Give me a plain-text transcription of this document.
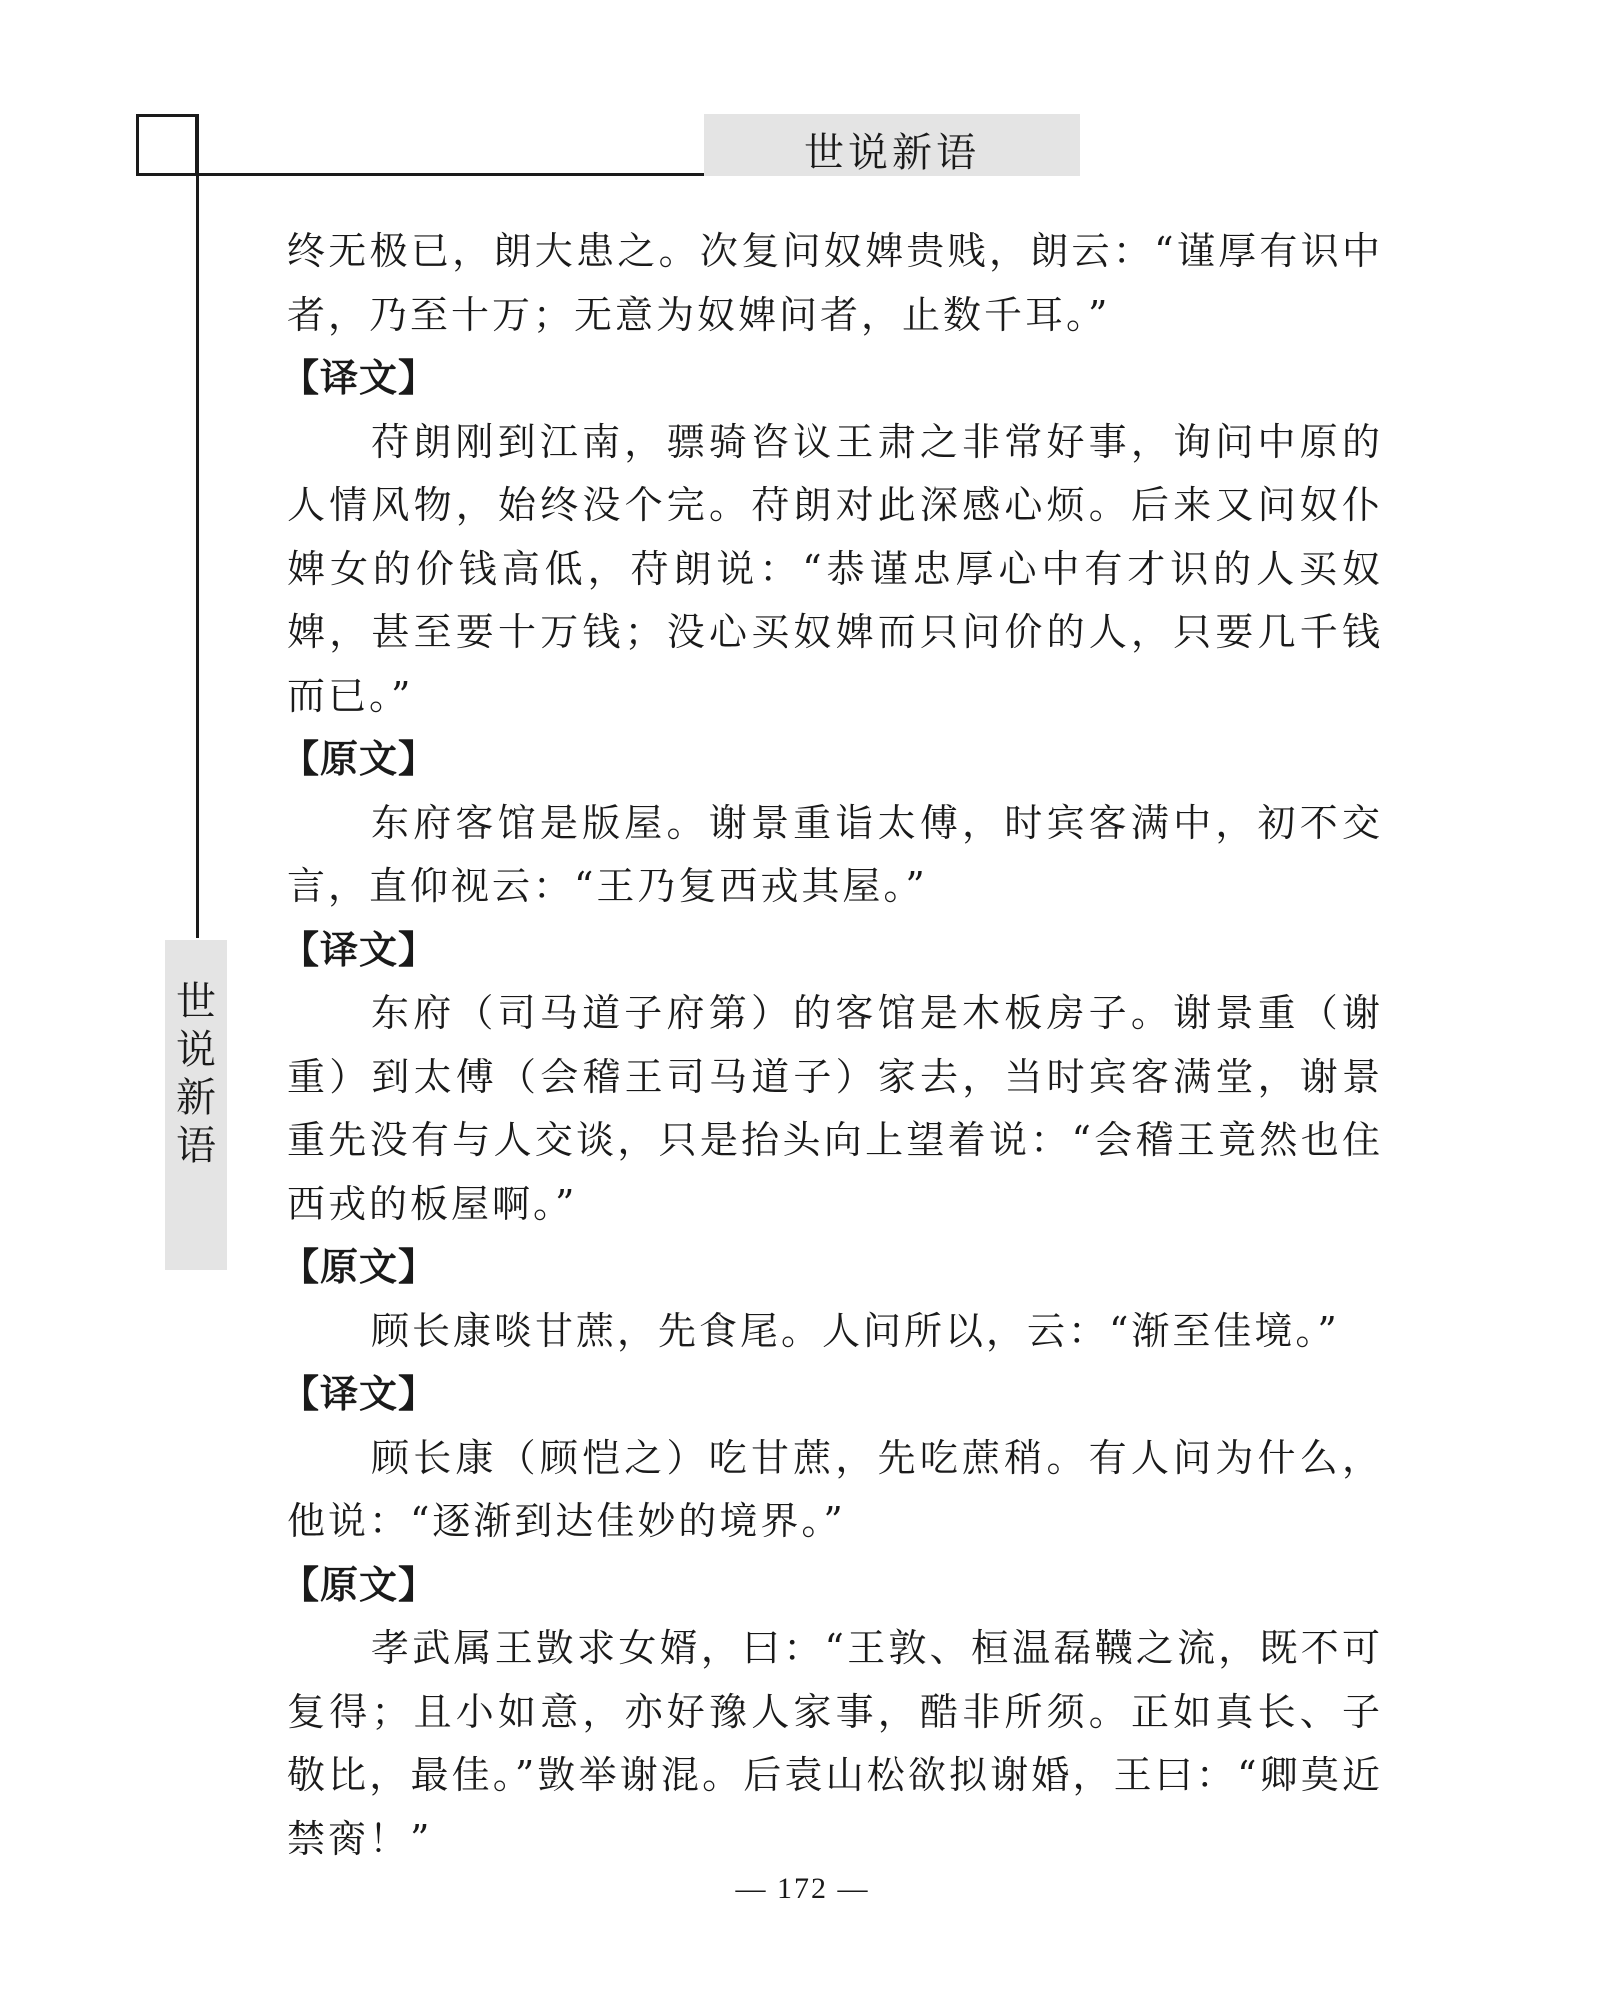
世说新语
世
说
新
语

终无极已，朗大患之。次复问奴婢贵贱，朗云：“谨厚有识中者，乃至十万；无意为奴婢问者，止数千耳。”

【译文】

苻朗刚到江南，骠骑咨议王肃之非常好事，询问中原的人情风物，始终没个完。苻朗对此深感心烦。后来又问奴仆婢女的价钱高低，苻朗说：“恭谨忠厚心中有才识的人买奴婢，甚至要十万钱；没心买奴婢而只问价的人，只要几千钱而已。”

【原文】

东府客馆是版屋。谢景重诣太傅，时宾客满中，初不交言，直仰视云：“王乃复西戎其屋。”

【译文】

东府（司马道子府第）的客馆是木板房子。谢景重（谢重）到太傅（会稽王司马道子）家去，当时宾客满堂，谢景重先没有与人交谈，只是抬头向上望着说：“会稽王竟然也住西戎的板屋啊。”

【原文】

顾长康啖甘蔗，先食尾。人问所以，云：“渐至佳境。”

【译文】

顾长康（顾恺之）吃甘蔗，先吃蔗稍。有人问为什么，他说：“逐渐到达佳妙的境界。”

【原文】

孝武属王敳求女婿，曰：“王敦、桓温磊韈之流，既不可复得；且小如意，亦好豫人家事，酷非所须。正如真长、子敬比，最佳。”敳举谢混。后袁山松欲拟谢婚，王曰：“卿莫近禁脔！”

— 172 —
